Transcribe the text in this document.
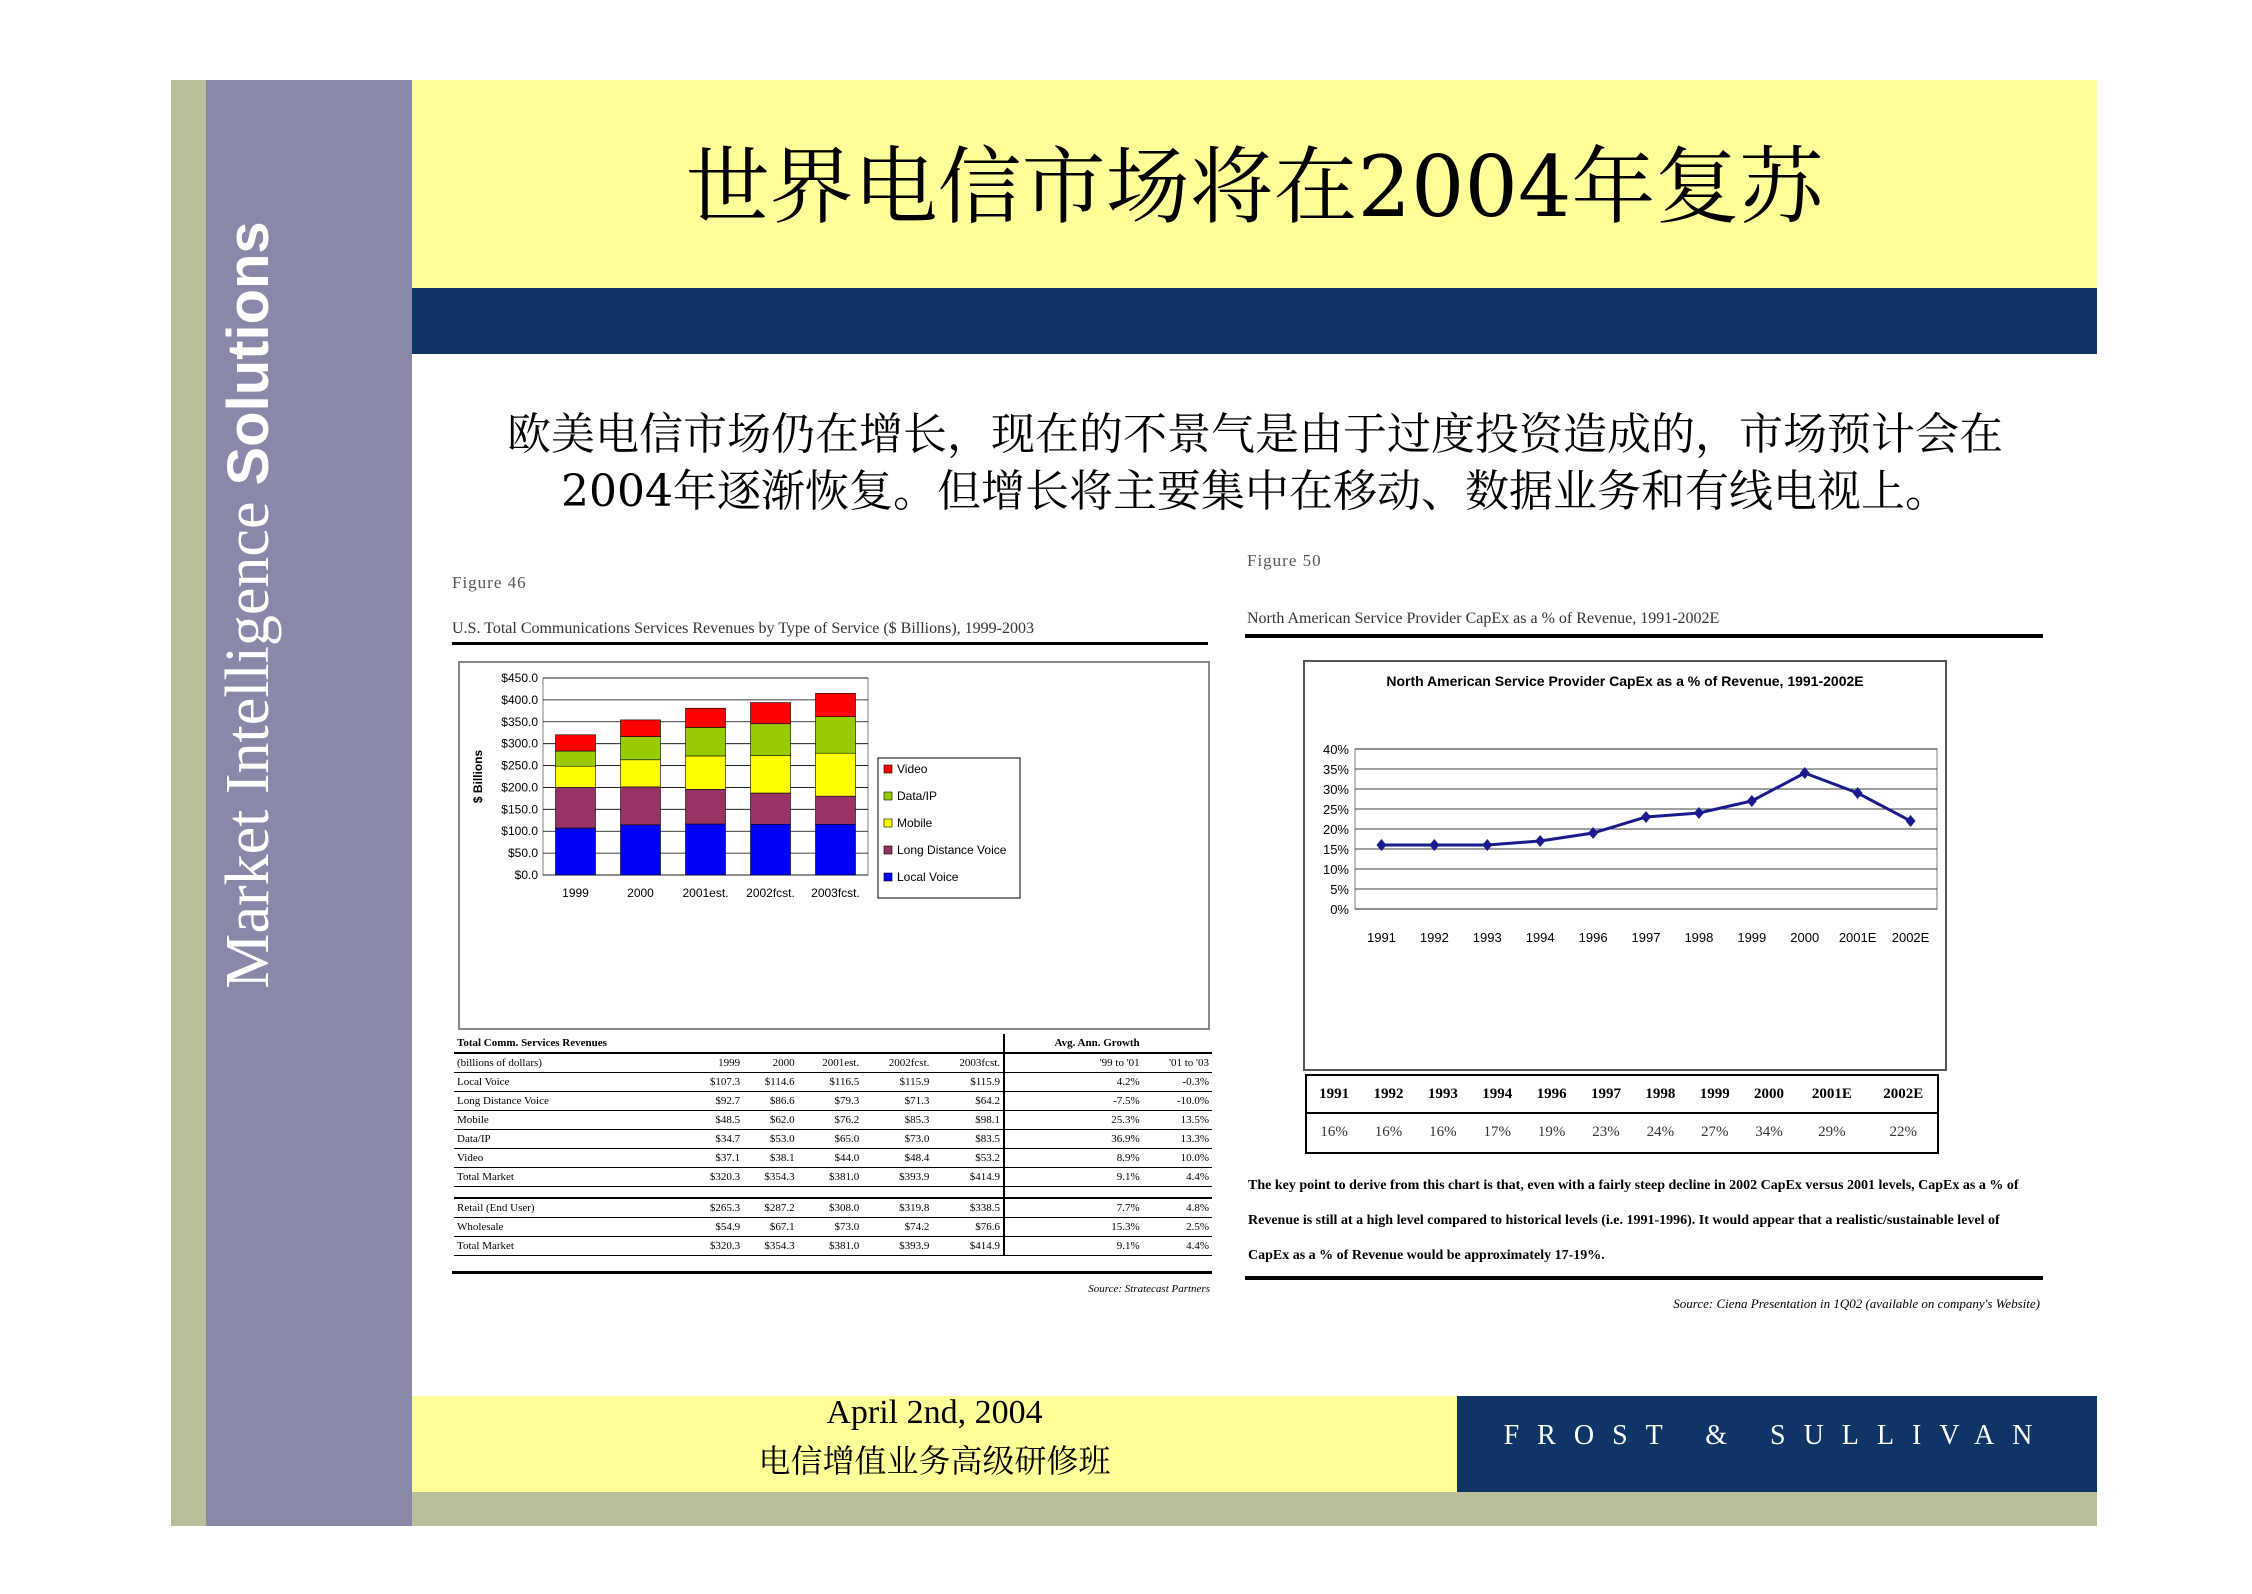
Market Intelligence
Solutions
世界电信市场将在2004年复苏
欧美电信市场仍在增长，现在的不景气是由于过度投资造成的，市场预计会在
2004年逐渐恢复。但增长将主要集中在移动、数据业务和有线电视上。
Figure 46
U.S. Total Communications Services Revenues by Type of Service ($ Billions), 1999-2003
$0.0
$50.0
$100.0
$150.0
$200.0
$250.0
$300.0
$350.0
$400.0
$450.0
$ Billions
1999	2000 2001est. 2002fcst. 2003fcst.
Video
Data/IP
Mobile
Long Distance Voice
Local Voice
Total Comm. Services Revenues						Avg. Ann. Growth	
(billions of dollars)	1999	2000	2001est.	2002fcst.	2003fcst.	'99 to '01	'01 to '03
Local Voice	$107.3	$114.6	$116.5	$115.9	$115.9	4.2%	-0.3%
Long Distance Voice	$92.7	$86.6	$79.3	$71.3	$64.2	-7.5%	-10.0%
Mobile	$48.5	$62.0	$76.2	$85.3	$98.1	25.3%	13.5%
Data/IP	$34.7	$53.0	$65.0	$73.0	$83.5	36.9%	13.3%
Video	$37.1	$38.1	$44.0	$48.4	$53.2	8.9%	10.0%
Total Market	$320.3	$354.3	$381.0	$393.9	$414.9	9.1%	4.4%

Retail (End User)	$265.3	$287.2	$308.0	$319.8	$338.5	7.7%	4.8%
Wholesale	$54.9	$67.1	$73.0	$74.2	$76.6	15.3%	2.5%
Total Market	$320.3	$354.3	$381.0	$393.9	$414.9	9.1%	4.4%
Source: Stratecast Partners
Figure 50
North American Service Provider CapEx as a % of Revenue, 1991-2002E
North American Service Provider CapEx as a % of Revenue, 1991-2002E
0%
5%
10%
15%
20%
25%
30%
35%
40%
1991 1992 1993 1994 1996 1997 1998 1999 2000 2001E 2002E
1991	1992	1993	1994	1996	1997	1998	1999	2000	2001E	2002E
16%	16%	16%	17%	19%	23%	24%	27%	34%	29%	22%
The key point to derive from this chart is that, even with a fairly steep decline in 2002 CapEx versus 2001 levels, CapEx as a % of Revenue is still at a high level compared to historical levels (i.e. 1991-1996). It would appear that a realistic/sustainable level of CapEx as a % of Revenue would be approximately 17-19%.
Source: Ciena Presentation in 1Q02 (available on company's Website)
April 2nd, 2004
电信增值业务高级研修班
FROST & SULLIVAN
